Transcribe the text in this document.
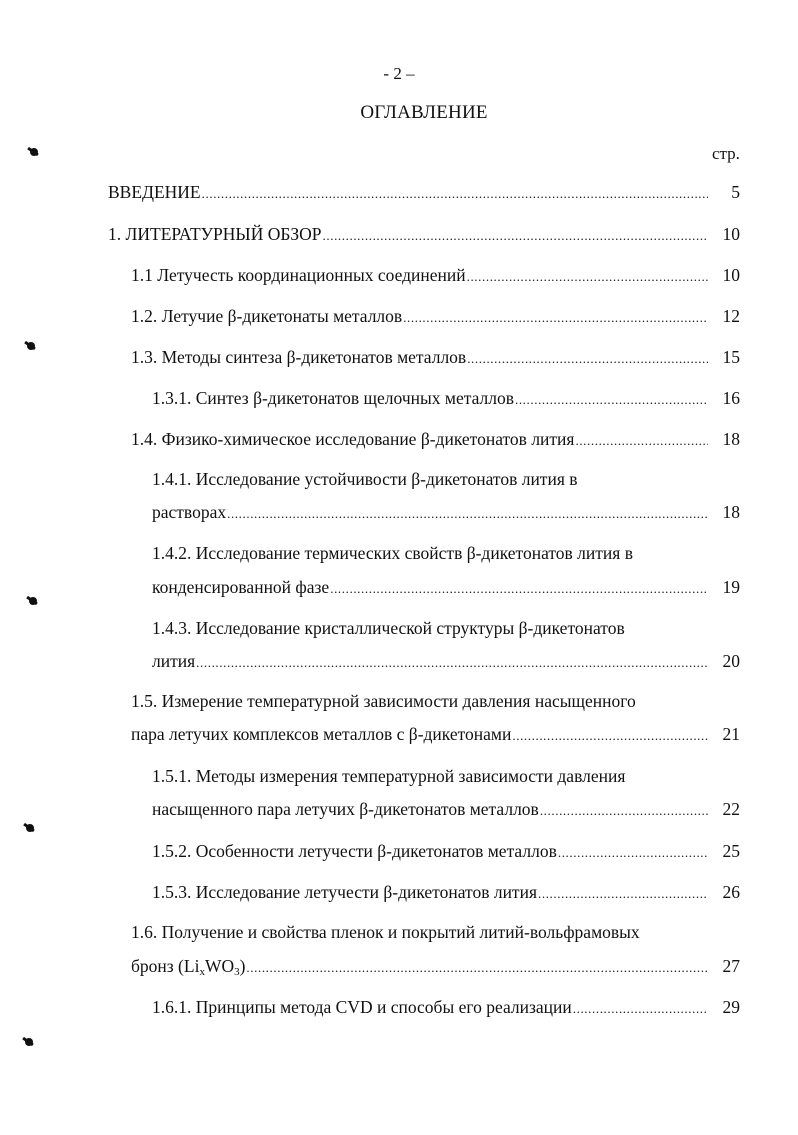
- 2 –
ОГЛАВЛЕНИЕ
стр.
ВВЕДЕНИЕ .....	5
1. ЛИТЕРАТУРНЫЙ ОБЗОР .....	10
1.1 Летучесть координационных соединений .....	10
1.2. Летучие β-дикетонаты металлов .....	12
1.3. Методы синтеза β-дикетонатов металлов .....	15
1.3.1. Синтез β-дикетонатов щелочных металлов .....	16
1.4. Физико-химическое исследование β-дикетонатов лития .....	18
1.4.1. Исследование устойчивости β-дикетонатов лития в
растворах .....	18
1.4.2. Исследование термических свойств β-дикетонатов лития в
конденсированной фазе .....	19
1.4.3. Исследование кристаллической структуры β-дикетонатов
лития .....	20
1.5. Измерение температурной зависимости давления насыщенного
пара летучих комплексов металлов с β-дикетонами .....	21
1.5.1. Методы измерения температурной зависимости давления
насыщенного пара летучих β-дикетонатов металлов .....	22
1.5.2. Особенности летучести β-дикетонатов металлов .....	25
1.5.3. Исследование летучести β-дикетонатов лития .....	26
1.6. Получение и свойства пленок и покрытий литий-вольфрамовых
бронз $(Li_xWO_3)$ .....	27
1.6.1. Принципы метода CVD и способы его реализации .....	29
